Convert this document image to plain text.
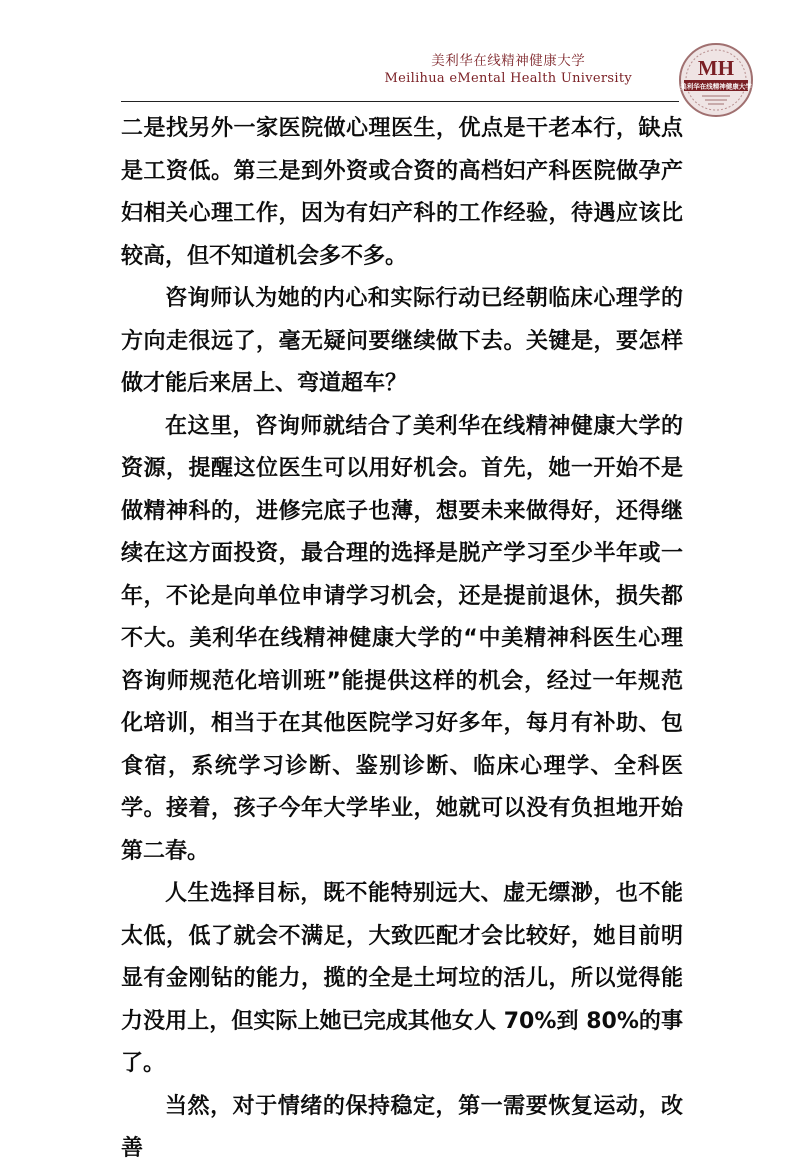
美利华在线精神健康大学
Meilihua eMental Health University	MH
美利华在线精神健康大学

二是找另外一家医院做心理医生，优点是干老本行，缺点是工资低。第三是到外资或合资的高档妇产科医院做孕产妇相关心理工作，因为有妇产科的工作经验，待遇应该比较高，但不知道机会多不多。

咨询师认为她的内心和实际行动已经朝临床心理学的方向走很远了，毫无疑问要继续做下去。关键是，要怎样做才能后来居上、弯道超车？

在这里，咨询师就结合了美利华在线精神健康大学的资源，提醒这位医生可以用好机会。首先，她一开始不是做精神科的，进修完底子也薄，想要未来做得好，还得继续在这方面投资，最合理的选择是脱产学习至少半年或一年，不论是向单位申请学习机会，还是提前退休，损失都不大。美利华在线精神健康大学的“中美精神科医生心理咨询师规范化培训班”能提供这样的机会，经过一年规范化培训，相当于在其他医院学习好多年，每月有补助、包食宿，系统学习诊断、鉴别诊断、临床心理学、全科医学。接着，孩子今年大学毕业，她就可以没有负担地开始第二春。

人生选择目标，既不能特别远大、虚无缥渺，也不能太低，低了就会不满足，大致匹配才会比较好，她目前明显有金刚钻的能力，揽的全是土坷垃的活儿，所以觉得能力没用上，但实际上她已完成其他女人 70%到 80%的事了。

当然，对于情绪的保持稳定，第一需要恢复运动，改善
